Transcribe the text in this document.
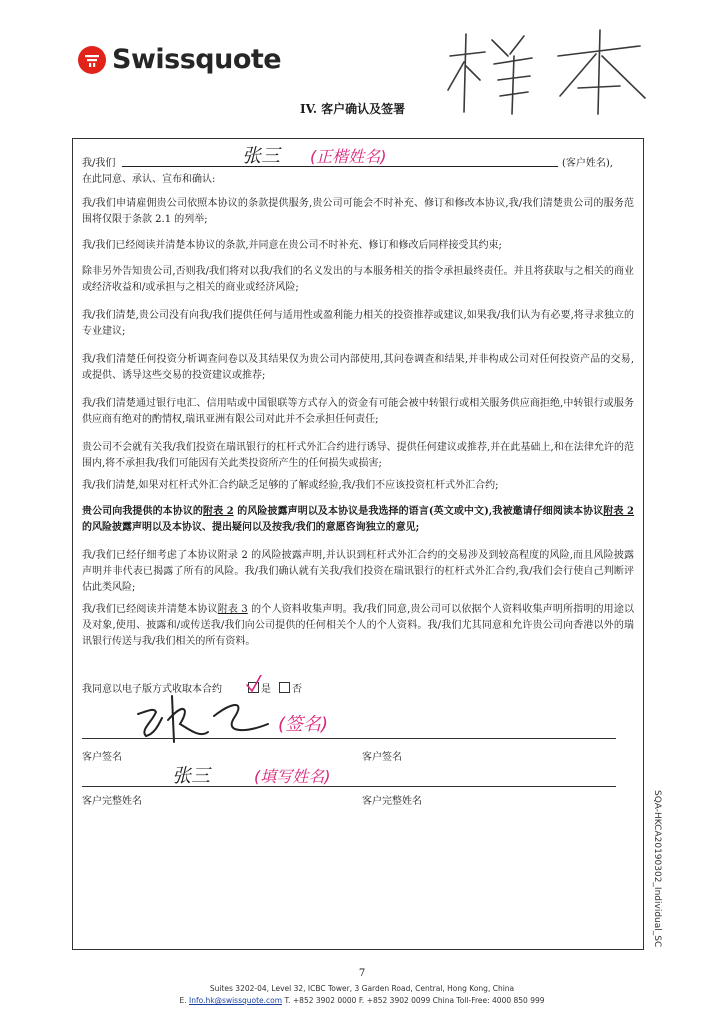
Swissquote
IV. 客户确认及签署
我/我们	张三 (正楷姓名)	(客户姓名),
在此同意、承认、宣布和确认:
我/我们申请雇佣贵公司依照本协议的条款提供服务,贵公司可能会不时补充、修订和修改本协议,我/我们清楚贵公司的服务范围将仅限于条款 2.1 的列举;
我/我们已经阅读并清楚本协议的条款,并同意在贵公司不时补充、修订和修改后同样接受其约束;
除非另外告知贵公司,否则我/我们将对以我/我们的名义发出的与本服务相关的指令承担最终责任。并且将获取与之相关的商业或经济收益和/或承担与之相关的商业或经济风险;
我/我们清楚,贵公司没有向我/我们提供任何与适用性或盈利能力相关的投资推荐或建议,如果我/我们认为有必要,将寻求独立的专业建议;
我/我们清楚任何投资分析调查问卷以及其结果仅为贵公司内部使用,其问卷调查和结果,并非构成公司对任何投资产品的交易,或提供、诱导这些交易的投资建议或推荐;
我/我们清楚通过银行电汇、信用咭或中国银联等方式存入的资金有可能会被中转银行或相关服务供应商拒绝,中转银行或服务供应商有绝对的酌情权,瑞讯亚洲有限公司对此并不会承担任何责任;
贵公司不会就有关我/我们投资在瑞讯银行的杠杆式外汇合约进行诱导、提供任何建议或推荐,并在此基础上,和在法律允许的范围内,将不承担我/我们可能因有关此类投资所产生的任何损失或损害;
我/我们清楚,如果对杠杆式外汇合约缺乏足够的了解或经验,我/我们不应该投资杠杆式外汇合约;
贵公司向我提供的本协议的附表 2 的风险披露声明以及本协议是我选择的语言(英文或中文),我被邀请仔细阅读本协议附表 2 的风险披露声明以及本协议、提出疑问以及按我/我们的意愿咨询独立的意见;
我/我们已经仔细考虑了本协议附录 2 的风险披露声明,并认识到杠杆式外汇合约的交易涉及到较高程度的风险,而且风险披露声明并非代表已揭露了所有的风险。我/我们确认就有关我/我们投资在瑞讯银行的杠杆式外汇合约,我/我们会行使自己判断评估此类风险;
我/我们已经阅读并清楚本协议附表 3 的个人资料收集声明。我/我们同意,贵公司可以依据个人资料收集声明所指明的用途以及对象,使用、披露和/或传送我/我们向公司提供的任何相关个人的个人资料。我/我们尤其同意和允许贵公司向香港以外的瑞讯银行传送与我/我们相关的所有资料。
我同意以电子版方式收取本合约	是 否
(签名)
客户签名	客户签名
张三	(填写姓名)
客户完整姓名	客户完整姓名	SQA-HKCA20190302_Individual_SC
7
Suites 3202-04, Level 32, ICBC Tower, 3 Garden Road, Central, Hong Kong, China
E. Info.hk@swissquote.com T. +852 3902 0000 F. +852 3902 0099 China Toll-Free: 4000 850 999
